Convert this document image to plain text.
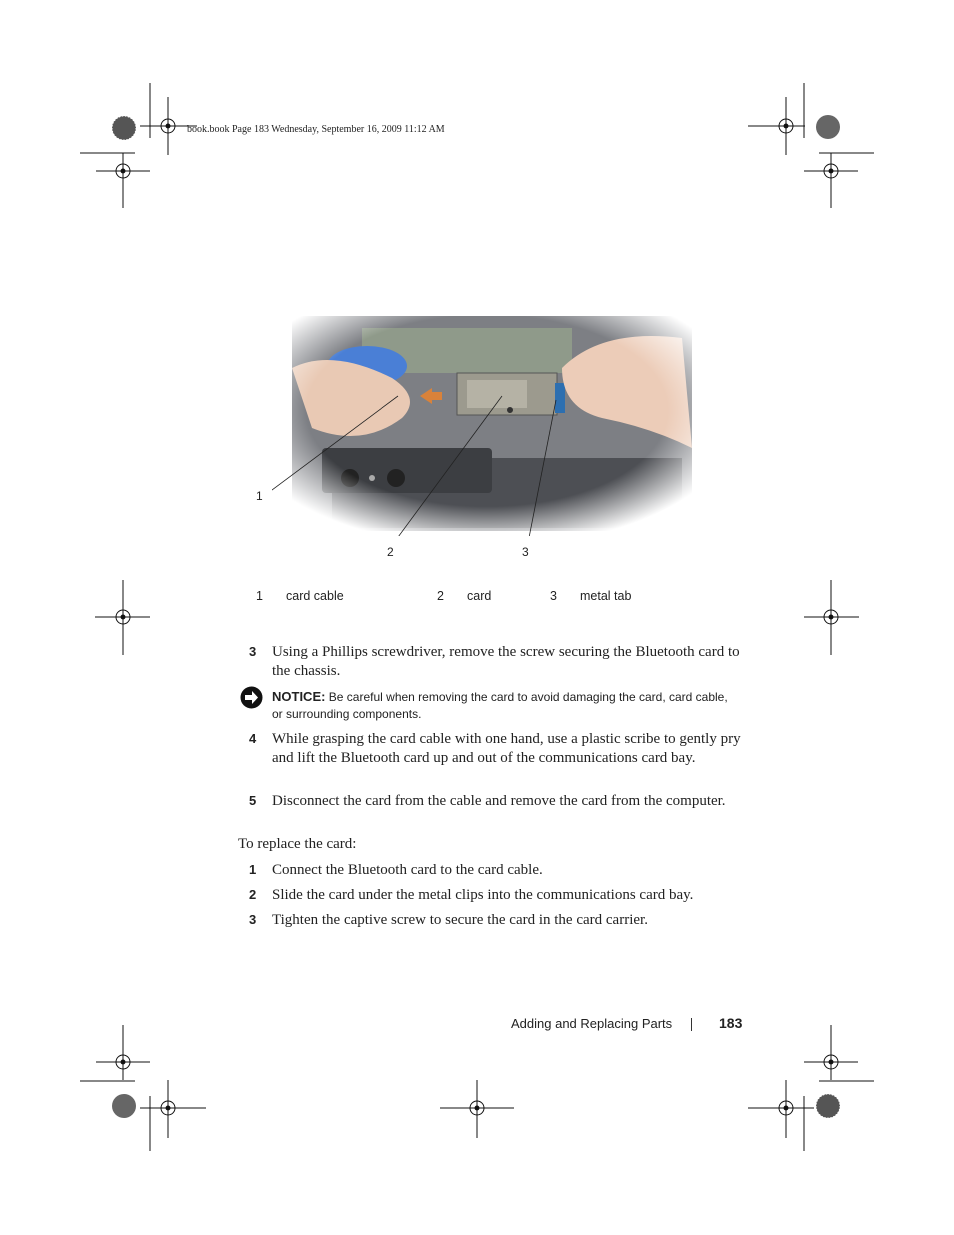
book.book Page 183 Wednesday, September 16, 2009 11:12 AM
1
2	3
1 card cable	2 card	3 metal tab
3 Using a Phillips screwdriver, remove the screw securing the Bluetooth card to the chassis.
NOTICE: Be careful when removing the card to avoid damaging the card, card cable, or surrounding components.
4 While grasping the card cable with one hand, use a plastic scribe to gently pry and lift the Bluetooth card up and out of the communications card bay.
5 Disconnect the card from the cable and remove the card from the computer.
To replace the card:
1 Connect the Bluetooth card to the card cable.
2 Slide the card under the metal clips into the communications card bay.
3 Tighten the captive screw to secure the card in the card carrier.
Adding and Replacing Parts	183
